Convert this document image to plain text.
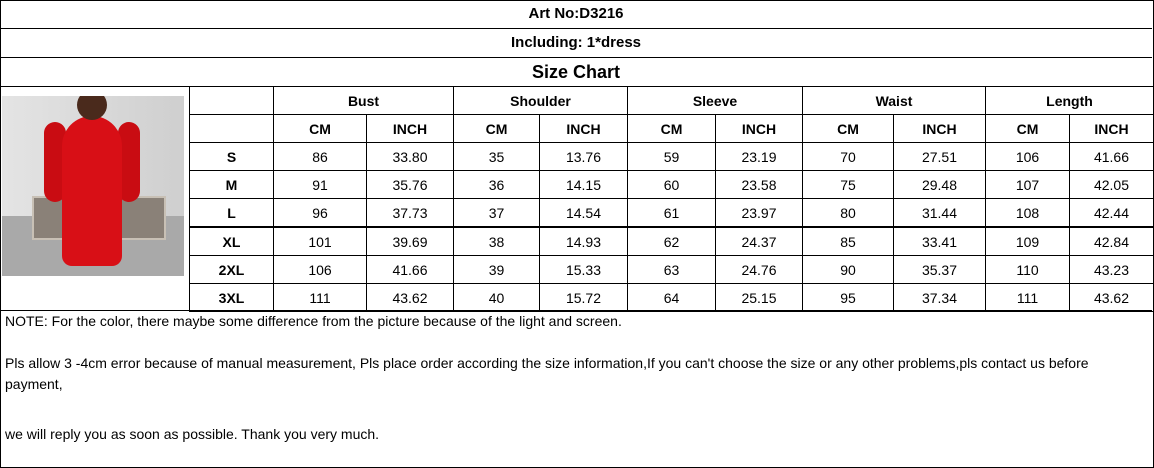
Art No:D3216
Including: 1*dress
Size Chart
	Bust		Shoulder		Sleeve		Waist		Length	
	CM	INCH	CM	INCH	CM	INCH	CM	INCH	CM	INCH
S	86	33.80	35	13.76	59	23.19	70	27.51	106	41.66
M	91	35.76	36	14.15	60	23.58	75	29.48	107	42.05
L	96	37.73	37	14.54	61	23.97	80	31.44	108	42.44
XL	101	39.69	38	14.93	62	24.37	85	33.41	109	42.84
2XL	106	41.66	39	15.33	63	24.76	90	35.37	110	43.23
3XL	111	43.62	40	15.72	64	25.15	95	37.34	111	43.62

NOTE: For the color, there maybe some difference from the picture because of the light and screen.

Pls allow 3 -4cm error because of manual measurement, Pls place order according the size information,If you can't choose the size or any other problems,pls contact us before payment,

we will reply you as soon as possible. Thank you very much.
